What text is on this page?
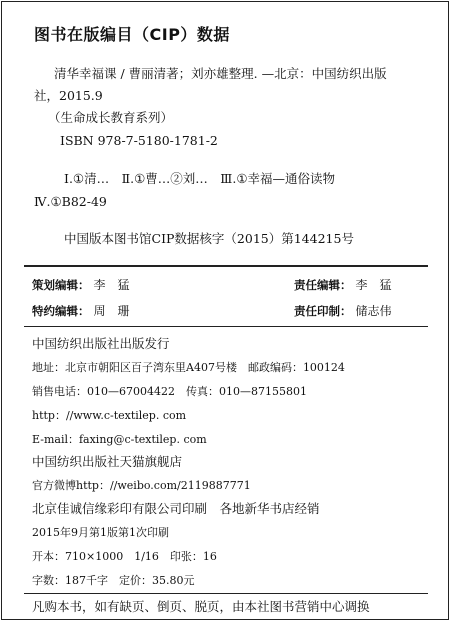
图书在版编目（CIP）数据
清华幸福课 / 曹丽清著；刘亦雄整理. —北京：中国纺织出版
社，2015.9
（生命成长教育系列）
ISBN 978-7-5180-1781-2
Ⅰ.①清…　Ⅱ.①曹…②刘…　Ⅲ.①幸福—通俗读物
Ⅳ.①B82-49
中国版本图书馆CIP数据核字（2015）第144215号
策划编辑： 李　猛	责任编辑： 李　猛
特约编辑： 周　珊	责任印制： 储志伟
中国纺织出版社出版发行
地址：北京市朝阳区百子湾东里A407号楼　邮政编码：100124
销售电话：010—67004422　传真：010—87155801
http：//www.c-textilep. com
E-mail：faxing@c-textilep. com
中国纺织出版社天猫旗舰店
官方微博http：//weibo.com/2119887771
北京佳诚信缘彩印有限公司印刷　各地新华书店经销
2015年9月第1版第1次印刷
开本：710×1000　1/16　印张：16
字数：187千字　定价：35.80元
凡购本书，如有缺页、倒页、脱页，由本社图书营销中心调换
